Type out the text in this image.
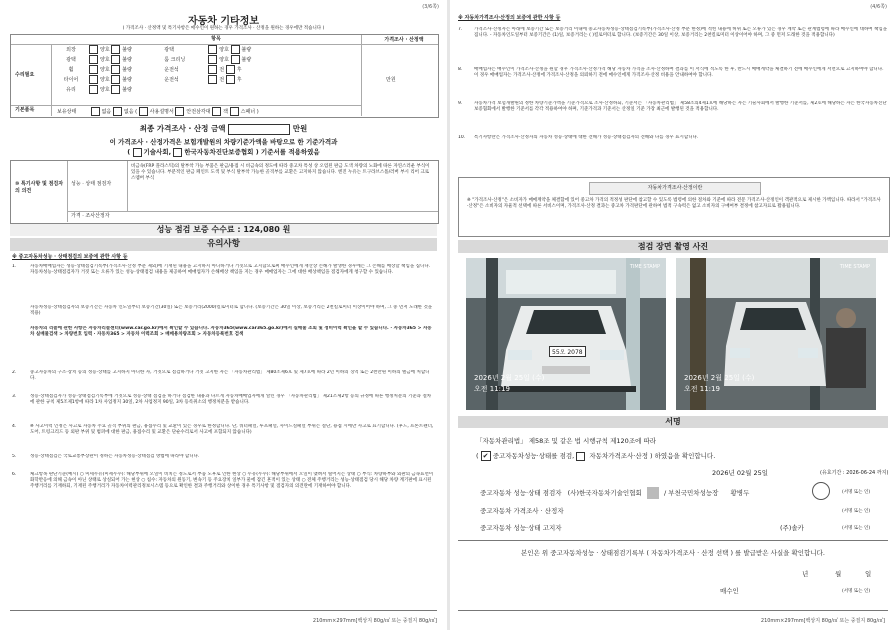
(3/6쪽)
자동차 기타정보
( 가격조사 · 산정액 및 특기사항은 매수인이 원하는 경우 가격조사 · 산정을 원하는 경우에만 적습니다 )
항목	가격조사 · 산정액
수리필요
만원
외장	양호	불량	광택	양호	불량
광택	양호	불량	룸 크리닝	양호	불량
휠	양호	불량	운전석	전	후
타이어	양호	불량	운전석	전	후
유리	양호	불량
기본품목	보유상태	없음	없음 ( 사용설명서	안전삼각대	잭	스패너 )
최종 가격조사 · 산정 금액	만원
이 가격조사 · 산정가격은 보험개발원의 차량기준가액을 바탕으로 한 기준가격과
( 기술사회, 한국자동차진단보증협회 ) 기준서를 적용하였음
⑩ 특기사항 및 점검자의 의견
성능 · 상태 점검자
비금속(FRP 플라스틱)의 탈부착 가능 부품은 판금/용접 시 비금속의 정도에 따라 중고차 특성 상 오염된 판금 도색 차량의 노화에 따른 자연스러운 부식이 있을 수 있습니다. 부분적인 판금 페인트 도색 및 부식 탈부착 가능한 골격부를 교환은 고지하지 않습니다. 엔진 누유는 트구라브스틀/러버 부시 리어 크로스멤버 부식
가격 · 조사산정자
성능 점검 보증 수수료 : 124,080 원
유의사항
※ 중고자동차성능 · 상태점검의 보증에 관한 사항 등
1.	자동차매매업자는 성능·상태점검기록부(가격조사·산정 부분 제외)에 기재된 내용을 고지하지 아니하거나 거짓으로 고지함으로써 매수인에게 재산상 손해가 발생한 경우에는 그 손해를 배상할 책임을 집니다. 자동차성능·상태점검자가 거짓 또는 오류가 있는 성능·상태점검 내용을 제공하여 매매업자가 손해배상 책임을 지는 경우 매매업자는 그에 대한 배상책임을 점검자에게 청구할 수 있습니다.
자동차성능·상태점검자의 보증기간은 자동차 인도일부터 보증기간(30일) 또는 보증거리(2000)킬로미터로 합니다. (보증기간은 30일 이상, 보증거리는 2천킬로미터 이상이어야 하며, 그 중 먼저 도래한 것을 적용)
자동차의 리콜에 관한 사항은 자동차리콜센터(www.car.go.kr)에서 확인할 수 있습니다. 자동차365(www.car365.go.kr)에서 실매물 조회 및 정비이력 확인을 할 수 있습니다. · 자동차365 > 자동차 실매물검색 > 차량번호 입력 · 자동차365 > 자동차 이력조회 > 매매용차량조회 > 자동차등록번호 검색
2.	중고자동차의 구조·장치 등의 성능·상태를 고지하지 아니한 자, 거짓으로 점검하거나 거짓 고지한 자는 「자동차관리법」 제80조제6호 및 제7호에 따라 2년 이하의 징역 또는 2천만원 이하의 벌금에 처합니다.
3.	성능·상태점검자가 성능·상태점검기록부에 거짓으로 성능·상태 점검을 하거나 점검한 내용과 다르게 자동차매매업자에게 알린 경우 「자동차관리법」 제21조제2항 등의 규정에 따른 행정처분의 기준과 절차에 관한 규칙 제5조제1항에 따라 1차 사업정지 30일, 2차 사업정지 90일, 3차 등록취소의 행정처분을 받습니다.
4.	※ 사고이력 인정은 사고로 자동차 주요 골격 부위의 판금, 용접수리 및 교환이 있는 경우로 한정합니다. 단, 쿼터패널, 루프패널, 사이드실패널 부위는 절단, 용접 시에만 사고로 표기합니다. (후드, 프론트펜더, 도어, 트렁크리드 등 외판 부위 및 범퍼에 대한 판금, 용접수리 및 교환은 단순수리로서 사고에 포함되지 않습니다)
5.	성능·상태점검은 국토교통부장관이 정하는 자동차성능·상태점검 방법에 따라야 합니다.
6.	체크항목 판단기준(예시) ○ 미세누유(미세누수): 해당부위에 오일이 비치는 정도로서 부품 노후로 인한 현상 ○ 누유(누수): 해당부위에서 오일이 맺혀서 떨어지는 상태 ○ 부식: 차량하부와 외판의 금속표면이 화학반응에 의해 금속이 아닌 상태로 상실되어 가는 현상 ○ 침수: 자동차의 원동기, 변속기 등 주요장치 일부가 물에 잠긴 흔적이 있는 상태 ○ 전체 주행거리는 성능·상태점검 당시 해당 차량 계기판에 표시된 주행거리를 기재하되, 기재된 주행거리가 자동차이력관리정보시스템 등으로 확인한 결과 주행거리와 상이한 경우 특기사항 및 점검자의 의견란에 기재하여야 합니다.
210mm×297mm[백상지 80g/㎡ 또는 중질지 80g/㎡]
(4/6쪽)
※ 자동차가격조사·산정의 보증에 관한 사항 등
7.	가격조사·산정자는 아래에 보증기간 또는 보증거리 이내에 중고자동차성능·상태점검기록부(가격조사·산정 부분 한정)에 적힌 내용에 허위 또는 오류가 있는 경우 계약 또는 관계법령에 따라 매수인에 대하여 책임을 집니다. - 자동차인도일부터 보증기간은 (1)일, 보증거리는 ( )킬로미터로 합니다. (보증기간은 30일 이상, 보증거리는 2천킬로미터 이상이어야 하며, 그 중 먼저 도래한 것을 적용합니다)
8.	매매업자는 매수인이 가격조사·산정을 원할 경우 가격조사·산정가격 해당 자동차 가격을 조사·산정하여 결과를 이 서식에 적도록 한 후, 반드시 매매계약을 체결하기 전에 매수인에게 서면으로 고지하여야 합니다. 이 경우 매매업자는 가격조사·산정에 가격조사·산정을 의뢰하기 전에 매수인에게 가격조사·산정 비용을 안내하여야 합니다.
9.	자동차가격 보험개발원의 정한 차량기준가액을 기준가격으로 조사·산정하되, 기준서는 「자동차관리법」 제58조의4제1호에 해당하는 자는 기술사회에서 발행한 기준서를, 제2호에 해당하는 자는 한국자동차진단보증협회에서 발행한 기준서를 각각 적용하여야 하며, 기준가격과 기준서는 산정일 기준 가장 최근에 발행된 것을 적용합니다.
10.	특기사항란은 가격조사·산정자의 자동차 성능·상태에 대한 견해가 성능·상태점검자의 견해와 다를 경우 표시합니다.
자동차가격조사·산정이란
※ "가격조사·산정"은 소비자가 매매계약을 체결함에 있어 중고차 가격의 적정성 판단에 참고할 수 있도록 법령에 의한 절차와 기준에 따라 전문 가격조사·산정인이 객관적으로 제시한 가액입니다. 따라서 "가격조사·산정"은 소비자의 자율적 선택에 따른 서비스이며, 가격조사·산정 결과는 중고차 가격판단에 관하여 법적 구속력은 없고 소비자의 구매여부 결정에 참고자료로 활용됩니다.
점검 장면 촬영 사진
55오 2078
TIME STAMP
2026년 2월 25일 (수)
오전 11:19
TIME STAMP
2026년 2월 25일 (수)
오전 11:19
서명
「자동차관리법」 제58조 및 같은 법 시행규칙 제120조에 따라
( ✔ 중고자동차성능·상태를 점검, 자동차가격조사·산정 ) 하였음을 확인합니다.
2026년 02월 25일	(유효기간 : 2026-06-24 까지)
중고자동차 성능·상태 점검자 (사)한국자동차기술인협회	/ 부천국민차성능장 황병두	(서명 또는 인)
중고자동차 가격조사 · 산정자	(서명 또는 인)
중고자동차 성능·상태 고지자	(주)솔카	(서명 또는 인)
본인은 위 중고자동차성능 · 상태점검기록부 ( 자동차가격조사 · 산정 선택 ) 를 발급받은 사실을 확인합니다.
년	월	일
매수인	(서명 또는 인)
210mm×297mm[백상지 80g/㎡ 또는 중질지 80g/㎡]
